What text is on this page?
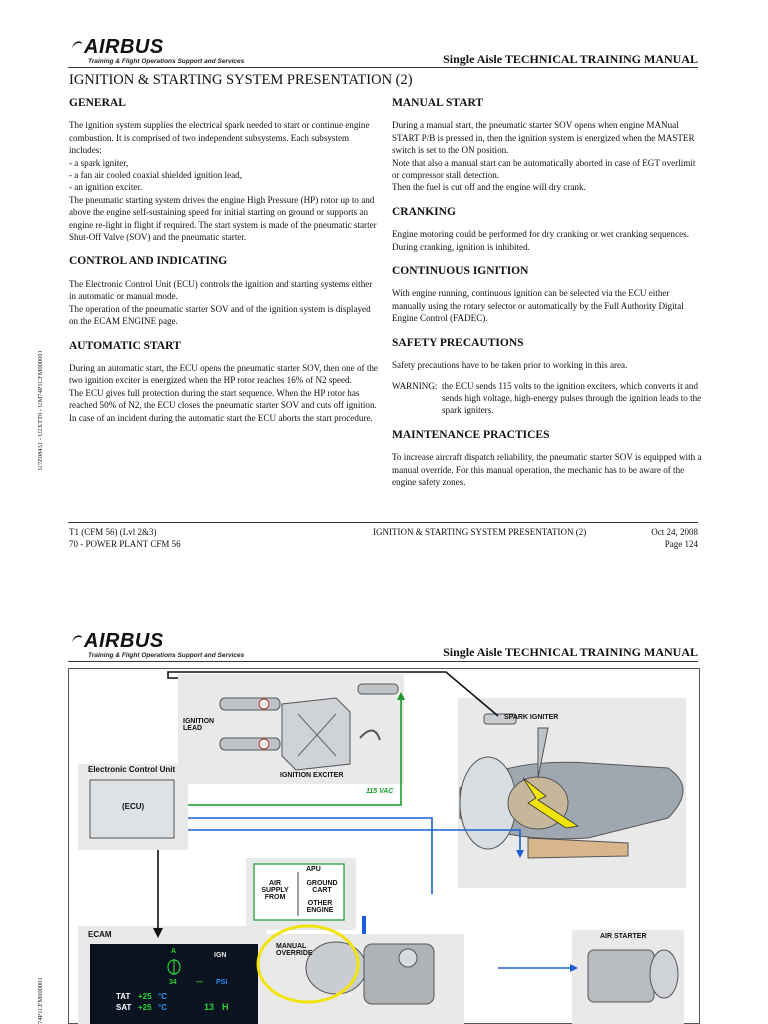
AIRBUS
Training & Flight Operations Support and Services	Single Aisle TECHNICAL TRAINING MANUAL
IGNITION & STARTING SYSTEM PRESENTATION (2)
U7Z08431 - U2XTT0 - UM74P1CFM000001
GENERAL

The ignition system supplies the electrical spark needed to start or continue engine combustion. It is comprised of two independent subsystems. Each subsystem includes:
- a spark igniter,
- a fan air cooled coaxial shielded ignition lead,
- an ignition exciter.
The pneumatic starting system drives the engine High Pressure (HP) rotor up to and above the engine self-sustaining speed for initial starting on ground or supports an engine re-light in flight if required. The start system is made of the pneumatic starter Shut-Off Valve (SOV) and the pneumatic starter.

CONTROL AND INDICATING

The Electronic Control Unit (ECU) controls the ignition and starting systems either in automatic or manual mode.
The operation of the pneumatic starter SOV and of the ignition system is displayed on the ECAM ENGINE page.

AUTOMATIC START

During an automatic start, the ECU opens the pneumatic starter SOV, then one of the two ignition exciter is energized when the HP rotor reaches 16% of N2 speed.
The ECU gives full protection during the start sequence. When the HP rotor has reached 50% of N2, the ECU closes the pneumatic starter SOV and cuts off ignition. In case of an incident during the automatic start the ECU aborts the start procedure.

MANUAL START

During a manual start, the pneumatic starter SOV opens when engine MANual START P/B is pressed in, then the ignition system is energized when the MASTER switch is set to the ON position.
Note that also a manual start can be automatically aborted in case of EGT overlimit or compressor stall detection.
Then the fuel is cut off and the engine will dry crank.

CRANKING

Engine motoring could be performed for dry cranking or wet cranking sequences.
During cranking, ignition is inhibited.

CONTINUOUS IGNITION

With engine running, continuous ignition can be selected via the ECU either manually using the rotary selector or automatically by the Full Authority Digital Engine Control (FADEC).

SAFETY PRECAUTIONS

Safety precautions have to be taken prior to working in this area.

WARNING: the ECU sends 115 volts to the ignition exciters, which converts it and sends high voltage, high-energy pulses through the ignition leads to the spark igniters.
MAINTENANCE PRACTICES

To increase aircraft dispatch reliability, the pneumatic starter SOV is equipped with a manual override. For this manual operation, the mechanic has to be aware of the engine safety zones.

T1 (CFM 56) (Lvl 2&3)
70 - POWER PLANT CFM 56
IGNITION & STARTING SYSTEM PRESENTATION (2)	Oct 24, 2008
Page 124
AIRBUS
Training & Flight Operations Support and Services	Single Aisle TECHNICAL TRAINING MANUAL
74P1CFM000001
IGNITION LEAD
IGNITION EXCITER
SPARK IGNITER
Electronic Control Unit
(ECU)
115 VAC
AIR SUPPLY FROM
APU
GROUND CART
OTHER ENGINE
ECAM
MANUAL OVERRIDE
AIR STARTER
A
IGN
34	— PSI
TAT +25 °C
SAT +25 °C	13 H
